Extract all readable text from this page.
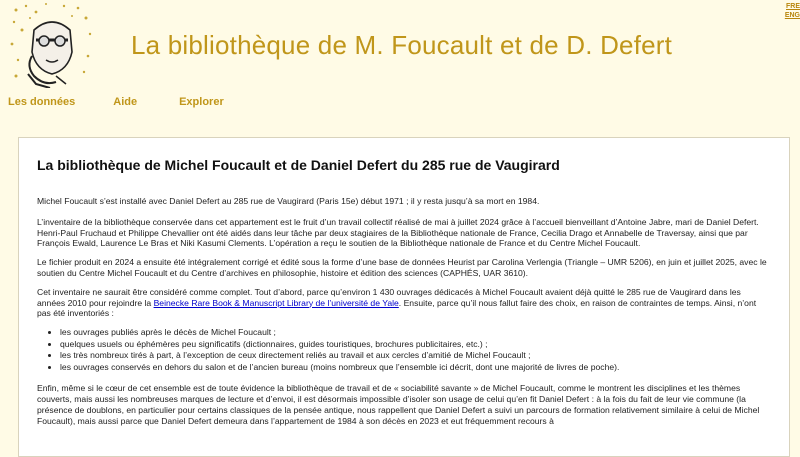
La bibliothèque de M. Foucault et de D. Defert
FRE
ENG
Les données	Aide	Explorer
La bibliothèque de Michel Foucault et de Daniel Defert du 285 rue de Vaugirard

Michel Foucault s’est installé avec Daniel Defert au 285 rue de Vaugirard (Paris 15e) début 1971 ; il y resta jusqu’à sa mort en 1984.

L’inventaire de la bibliothèque conservée dans cet appartement est le fruit d’un travail collectif réalisé de mai à juillet 2024 grâce à l’accueil bienveillant d’Antoine Jabre, mari de Daniel Defert. Henri-Paul Fruchaud et Philippe Chevallier ont été aidés dans leur tâche par deux stagiaires de la Bibliothèque nationale de France, Cecilia Drago et Annabelle de Traversay, ainsi que par François Ewald, Laurence Le Bras et Niki Kasumi Clements. L’opération a reçu le soutien de la Bibliothèque nationale de France et du Centre Michel Foucault.

Le fichier produit en 2024 a ensuite été intégralement corrigé et édité sous la forme d’une base de données Heurist par Carolina Verlengia (Triangle – UMR 5206), en juin et juillet 2025, avec le soutien du Centre Michel Foucault et du Centre d’archives en philosophie, histoire et édition des sciences (CAPHÉS, UAR 3610).

Cet inventaire ne saurait être considéré comme complet. Tout d’abord, parce qu’environ 1 430 ouvrages dédicacés à Michel Foucault avaient déjà quitté le 285 rue de Vaugirard dans les années 2010 pour rejoindre la Beinecke Rare Book & Manuscript Library de l’université de Yale. Ensuite, parce qu’il nous fallut faire des choix, en raison de contraintes de temps. Ainsi, n’ont pas été inventoriés :

• les ouvrages publiés après le décès de Michel Foucault ;
• quelques usuels ou éphémères peu significatifs (dictionnaires, guides touristiques, brochures publicitaires, etc.) ;
• les très nombreux tirés à part, à l’exception de ceux directement reliés au travail et aux cercles d’amitié de Michel Foucault ;
• les ouvrages conservés en dehors du salon et de l’ancien bureau (moins nombreux que l’ensemble ici décrit, dont une majorité de livres de poche).

Enfin, même si le cœur de cet ensemble est de toute évidence la bibliothèque de travail et de « sociabilité savante » de Michel Foucault, comme le montrent les disciplines et les thèmes couverts, mais aussi les nombreuses marques de lecture et d’envoi, il est désormais impossible d’isoler son usage de celui qu’en fit Daniel Defert : à la fois du fait de leur vie commune (la présence de doublons, en particulier pour certains classiques de la pensée antique, nous rappellent que Daniel Defert a suivi un parcours de formation relativement similaire à celui de Michel Foucault), mais aussi parce que Daniel Defert demeura dans l’appartement de 1984 à son décès en 2023 et eut fréquemment recours à
